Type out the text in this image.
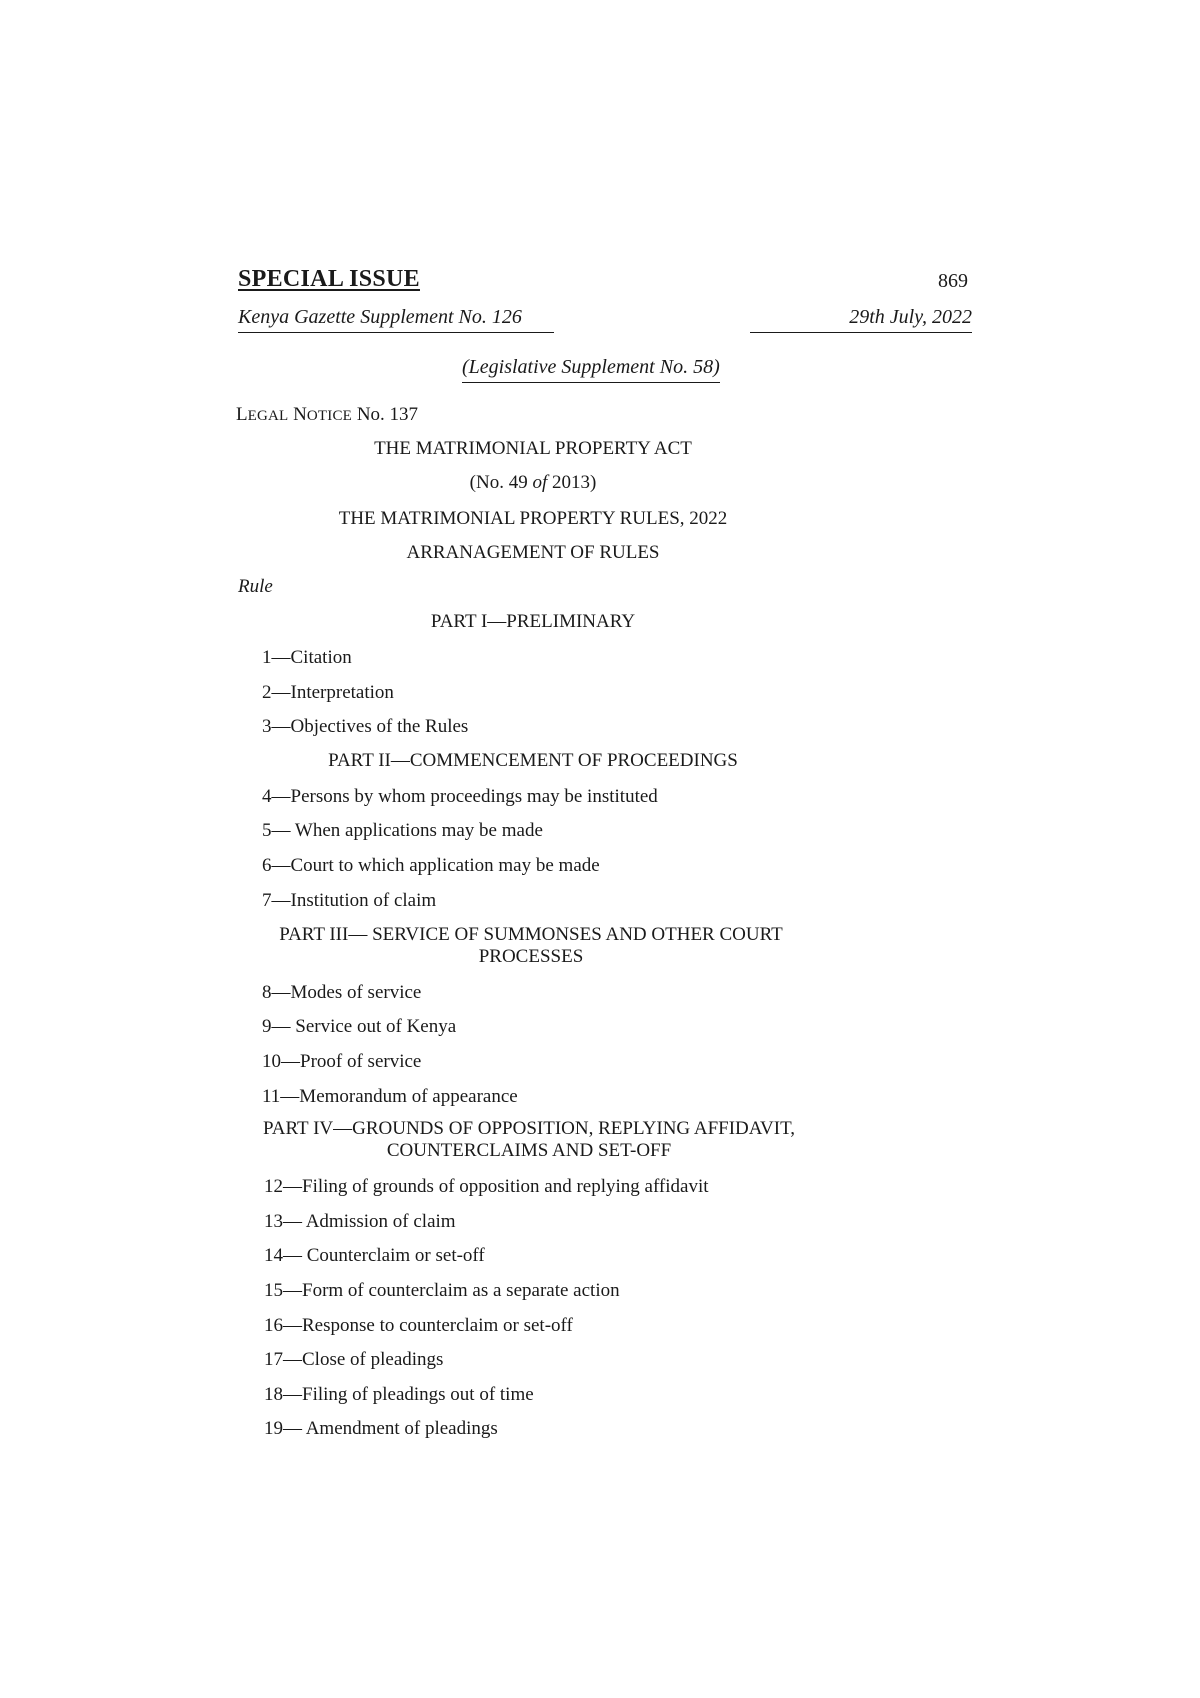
SPECIAL ISSUE	869
Kenya Gazette Supplement No. 126	29th July, 2022
(Legislative Supplement No. 58)
LEGAL NOTICE No. 137
THE MATRIMONIAL PROPERTY ACT
(No. 49 of 2013)
THE MATRIMONIAL PROPERTY RULES, 2022
ARRANAGEMENT OF RULES
Rule
PART I—PRELIMINARY
1—Citation
2—Interpretation
3—Objectives of the Rules
PART II—COMMENCEMENT OF PROCEEDINGS
4—Persons by whom proceedings may be instituted
5— When applications may be made
6—Court to which application may be made
7—Institution of claim
PART III— SERVICE OF SUMMONSES AND OTHER COURT
PROCESSES
8—Modes of service
9— Service out of Kenya
10—Proof of service
11—Memorandum of appearance
PART IV—GROUNDS OF OPPOSITION, REPLYING AFFIDAVIT,
COUNTERCLAIMS AND SET-OFF
12—Filing of grounds of opposition and replying affidavit
13— Admission of claim
14— Counterclaim or set-off
15—Form of counterclaim as a separate action
16—Response to counterclaim or set-off
17—Close of pleadings
18—Filing of pleadings out of time
19— Amendment of pleadings
